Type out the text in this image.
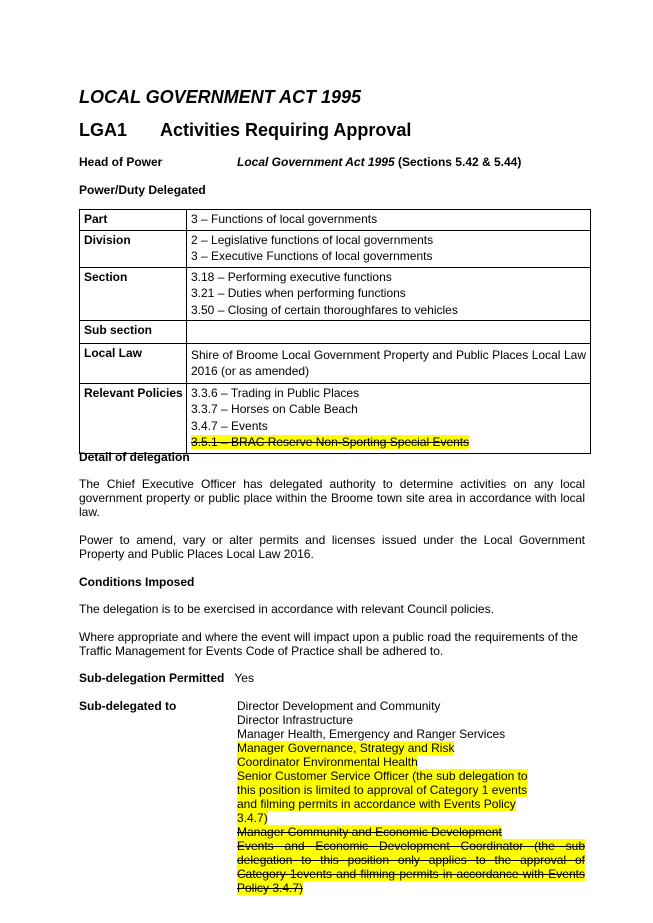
LOCAL GOVERNMENT ACT 1995
LGA1 Activities Requiring Approval
Head of Power	Local Government Act 1995 (Sections 5.42 & 5.44)
Power/Duty Delegated
Part	3 – Functions of local governments

Division	2 – Legislative functions of local governments
3 – Executive Functions of local governments

Section	3.18 – Performing executive functions
3.21 – Duties when performing functions
3.50 – Closing of certain thoroughfares to vehicles

Sub section	
Local Law	Shire of Broome Local Government Property and Public Places Local Law 2016 (or as amended)
Relevant Policies	3.3.6 – Trading in Public Places
3.3.7 – Horses on Cable Beach
3.4.7 – Events
3.5.1 – BRAC Reserve Non-Sporting Special Events
Detail of delegation
The Chief Executive Officer has delegated authority to determine activities on any local government property or public place within the Broome town site area in accordance with local law.
Power to amend, vary or alter permits and licenses issued under the Local Government Property and Public Places Local Law 2016.
Conditions Imposed
The delegation is to be exercised in accordance with relevant Council policies.
Where appropriate and where the event will impact upon a public road the requirements of the Traffic Management for Events Code of Practice shall be adhered to.
Sub-delegation Permitted Yes
Sub-delegated to	Director Development and Community
Director Infrastructure
Manager Health, Emergency and Ranger Services
Manager Governance, Strategy and Risk
Coordinator Environmental Health
Senior Customer Service Officer (the sub delegation to this position is limited to approval of Category 1 events and filming permits in accordance with Events Policy 3.4.7)
Manager Community and Economic Development
Events and Economic Development Coordinator (the sub delegation to this position only applies to the approval of Category 1events and filming permits in accordance with Events Policy 3.4.7)
